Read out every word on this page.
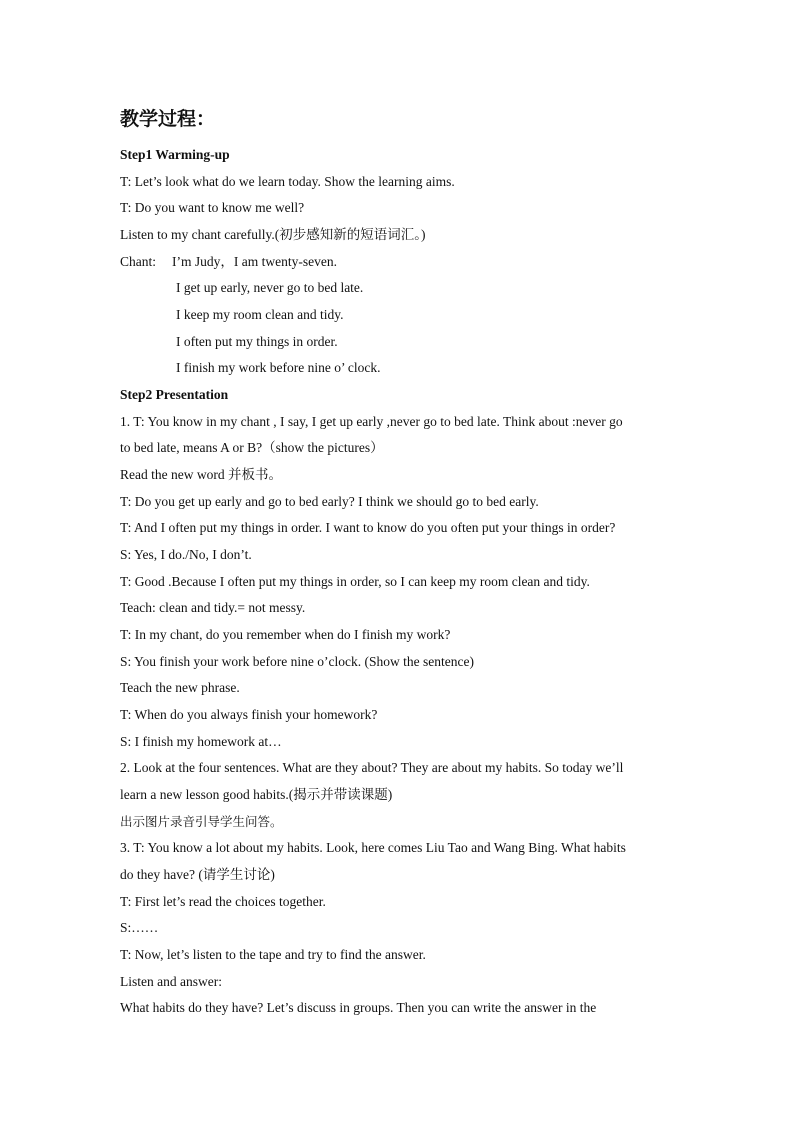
教学过程：
Step1 Warming-up
T: Let’s look what do we learn today. Show the learning aims.
T: Do you want to know me well?
Listen to my chant carefully.(初步感知新的短语词汇。)
Chant: I’m Judy，I am twenty-seven.
I get up early, never go to bed late.
I keep my room clean and tidy.
I often put my things in order.
I finish my work before nine o’ clock.
Step2 Presentation
1. T: You know in my chant , I say, I get up early ,never go to bed late. Think about :never go
to bed late, means A or B?（show the pictures）
Read the new word 并板书。
T: Do you get up early and go to bed early? I think we should go to bed early.
T: And I often put my things in order. I want to know do you often put your things in order?
S: Yes, I do./No, I don’t.
T: Good .Because I often put my things in order, so I can keep my room clean and tidy.
Teach: clean and tidy.= not messy.
T: In my chant, do you remember when do I finish my work?
S: You finish your work before nine o’clock. (Show the sentence)
Teach the new phrase.
T: When do you always finish your homework?
S: I finish my homework at…
2. Look at the four sentences. What are they about? They are about my habits. So today we’ll
learn a new lesson good habits.(揭示并带读课题)
出示图片录音引导学生问答。
3. T: You know a lot about my habits. Look, here comes Liu Tao and Wang Bing. What habits
do they have? (请学生讨论)
T: First let’s read the choices together.
S:……
T: Now, let’s listen to the tape and try to find the answer.
Listen and answer:
What habits do they have? Let’s discuss in groups. Then you can write the answer in the
